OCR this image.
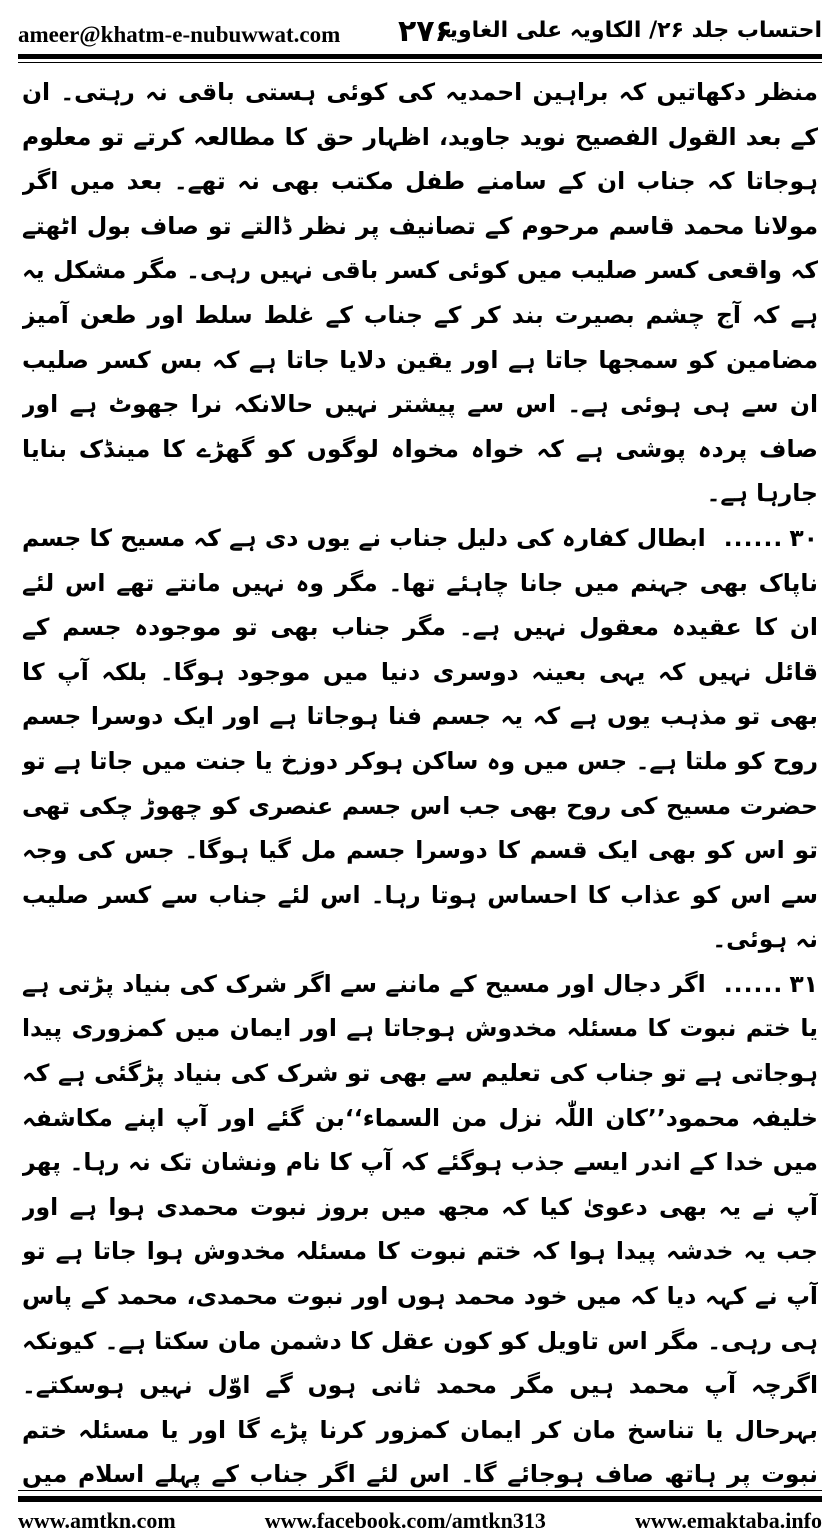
ameer@khatm-e-nubuwwat.com ۲۷۶
احتساب جلد ۲۶/ الکاویہ علی الغاویہ

منظر دکھاتیں کہ براہین احمدیہ کی کوئی ہستی باقی نہ رہتی۔ ان کے بعد القول الفصیح نوید جاوید، اظہار حق کا مطالعہ کرتے تو معلوم ہوجاتا کہ جناب ان کے سامنے طفل مکتب بھی نہ تھے۔ بعد میں اگر مولانا محمد قاسم مرحوم کے تصانیف پر نظر ڈالتے تو صاف بول اٹھتے کہ واقعی کسر صلیب میں کوئی کسر باقی نہیں رہی۔ مگر مشکل یہ ہے کہ آج چشم بصیرت بند کر کے جناب کے غلط سلط اور طعن آمیز مضامین کو سمجھا جاتا ہے اور یقین دلایا جاتا ہے کہ بس کسر صلیب ان سے ہی ہوئی ہے۔ اس سے پیشتر نہیں حالانکہ نرا جھوٹ ہے اور صاف پردہ پوشی ہے کہ خواہ مخواہ لوگوں کو گھڑے کا مینڈک بنایا جارہا ہے۔

۳۰......ابطال کفارہ کی دلیل جناب نے یوں دی ہے کہ مسیح کا جسم ناپاک بھی جہنم میں جانا چاہئے تھا۔ مگر وہ نہیں مانتے تھے اس لئے ان کا عقیدہ معقول نہیں ہے۔ مگر جناب بھی تو موجودہ جسم کے قائل نہیں کہ یہی بعینہ دوسری دنیا میں موجود ہوگا۔ بلکہ آپ کا بھی تو مذہب یوں ہے کہ یہ جسم فنا ہوجاتا ہے اور ایک دوسرا جسم روح کو ملتا ہے۔ جس میں وہ ساکن ہوکر دوزخ یا جنت میں جاتا ہے تو حضرت مسیح کی روح بھی جب اس جسم عنصری کو چھوڑ چکی تھی تو اس کو بھی ایک قسم کا دوسرا جسم مل گیا ہوگا۔ جس کی وجہ سے اس کو عذاب کا احساس ہوتا رہا۔ اس لئے جناب سے کسر صلیب نہ ہوئی۔

۳۱......اگر دجال اور مسیح کے ماننے سے اگر شرک کی بنیاد پڑتی ہے یا ختم نبوت کا مسئلہ مخدوش ہوجاتا ہے اور ایمان میں کمزوری پیدا ہوجاتی ہے تو جناب کی تعلیم سے بھی تو شرک کی بنیاد پڑگئی ہے کہ خلیفہ محمود’’کان اللّٰہ نزل من السماء‘‘بن گئے اور آپ اپنے مکاشفہ میں خدا کے اندر ایسے جذب ہوگئے کہ آپ کا نام ونشان تک نہ رہا۔ پھر آپ نے یہ بھی دعویٰ کیا کہ مجھ میں بروز نبوت محمدی ہوا ہے اور جب یہ خدشہ پیدا ہوا کہ ختم نبوت کا مسئلہ مخدوش ہوا جاتا ہے تو آپ نے کہہ دیا کہ میں خود محمد ہوں اور نبوت محمدی، محمد کے پاس ہی رہی۔ مگر اس تاویل کو کون عقل کا دشمن مان سکتا ہے۔ کیونکہ اگرچہ آپ محمد ہیں مگر محمد ثانی ہوں گے اوّل نہیں ہوسکتے۔ بہرحال یا تناسخ مان کر ایمان کمزور کرنا پڑے گا اور یا مسئلہ ختم نبوت پر ہاتھ صاف ہوجائے گا۔ اس لئے اگر جناب کے پہلے اسلام میں

www.amtkn.com	www.facebook.com/amtkn313	www.emaktaba.info
